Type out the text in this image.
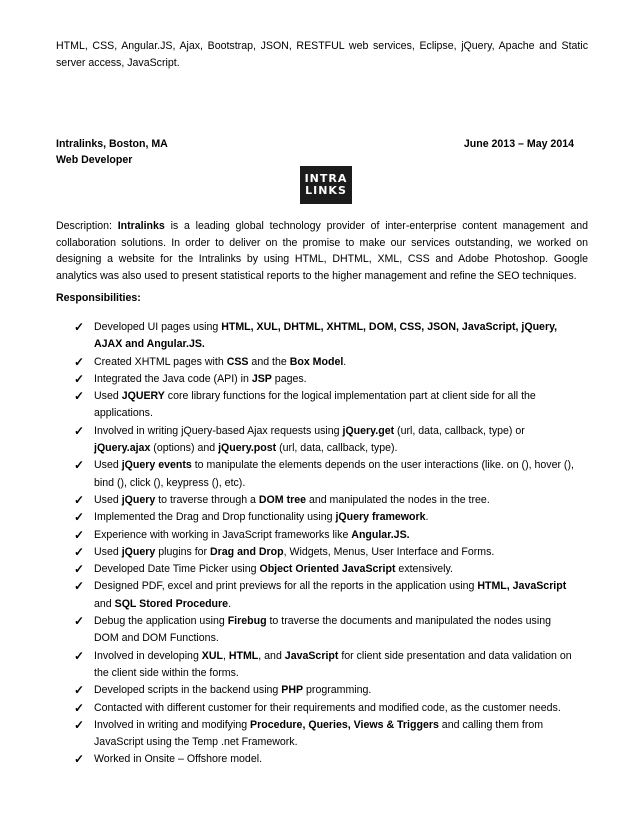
HTML, CSS, Angular.JS, Ajax, Bootstrap, JSON, RESTFUL web services, Eclipse, jQuery, Apache and Static server access, JavaScript.
Intralinks, Boston, MA	June 2013 – May 2014
Web Developer
INTRA
LINKS
Description: Intralinks is a leading global technology provider of inter-enterprise content management and collaboration solutions. In order to deliver on the promise to make our services outstanding, we worked on designing a website for the Intralinks by using HTML, DHTML, XML, CSS and Adobe Photoshop. Google analytics was also used to present statistical reports to the higher management and refine the SEO techniques.
Responsibilities:
✓ Developed UI pages using HTML, XUL, DHTML, XHTML, DOM, CSS, JSON, JavaScript, jQuery, AJAX and Angular.JS.
✓ Created XHTML pages with CSS and the Box Model.
✓ Integrated the Java code (API) in JSP pages.
✓ Used JQUERY core library functions for the logical implementation part at client side for all the applications.
✓ Involved in writing jQuery-based Ajax requests using jQuery.get (url, data, callback, type) or jQuery.ajax (options) and jQuery.post (url, data, callback, type).
✓ Used jQuery events to manipulate the elements depends on the user interactions (like. on (), hover (), bind (), click (), keypress (), etc).
✓ Used jQuery to traverse through a DOM tree and manipulated the nodes in the tree.
✓ Implemented the Drag and Drop functionality using jQuery framework.
✓ Experience with working in JavaScript frameworks like Angular.JS.
✓ Used jQuery plugins for Drag and Drop, Widgets, Menus, User Interface and Forms.
✓ Developed Date Time Picker using Object Oriented JavaScript extensively.
✓ Designed PDF, excel and print previews for all the reports in the application using HTML, JavaScript and SQL Stored Procedure.
✓ Debug the application using Firebug to traverse the documents and manipulated the nodes using DOM and DOM Functions.
✓ Involved in developing XUL, HTML, and JavaScript for client side presentation and data validation on the client side within the forms.
✓ Developed scripts in the backend using PHP programming.
✓ Contacted with different customer for their requirements and modified code, as the customer needs.
✓ Involved in writing and modifying Procedure, Queries, Views & Triggers and calling them from JavaScript using the Temp .net Framework.
✓ Worked in Onsite – Offshore model.
